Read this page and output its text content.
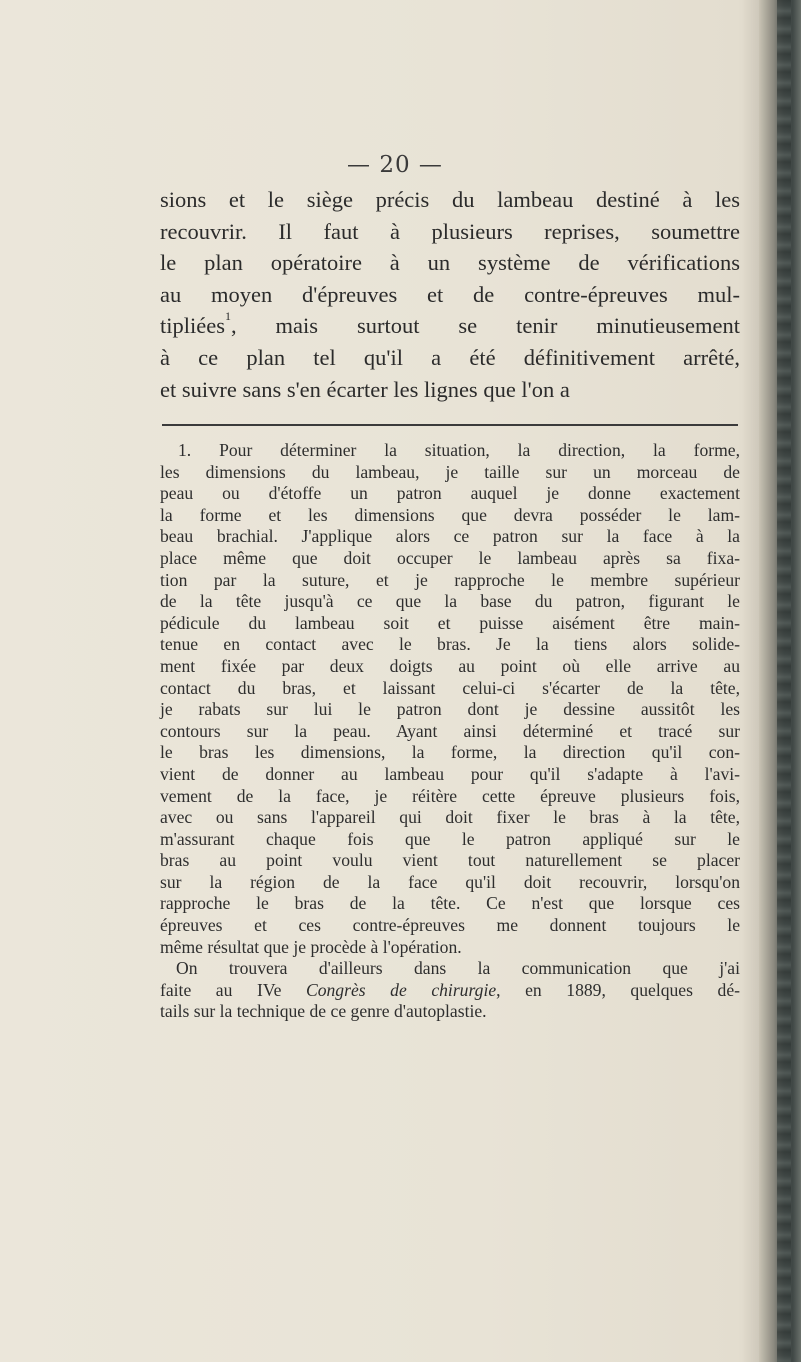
— 20 —
sions et le siège précis du lambeau destiné à les
recouvrir. Il faut à plusieurs reprises, soumettre
le plan opératoire à un système de vérifications
au moyen d'épreuves et de contre-épreuves mul-
tipliées$^1$, mais surtout se tenir minutieusement
à ce plan tel qu'il a été définitivement arrêté,
et suivre sans s'en écarter les lignes que l'on a
1. Pour déterminer la situation, la direction, la forme,
les dimensions du lambeau, je taille sur un morceau de
peau ou d'étoffe un patron auquel je donne exactement
la forme et les dimensions que devra posséder le lam-
beau brachial. J'applique alors ce patron sur la face à la
place même que doit occuper le lambeau après sa fixa-
tion par la suture, et je rapproche le membre supérieur
de la tête jusqu'à ce que la base du patron, figurant le
pédicule du lambeau soit et puisse aisément être main-
tenue en contact avec le bras. Je la tiens alors solide-
ment fixée par deux doigts au point où elle arrive au
contact du bras, et laissant celui-ci s'écarter de la tête,
je rabats sur lui le patron dont je dessine aussitôt les
contours sur la peau. Ayant ainsi déterminé et tracé sur
le bras les dimensions, la forme, la direction qu'il con-
vient de donner au lambeau pour qu'il s'adapte à l'avi-
vement de la face, je réitère cette épreuve plusieurs fois,
avec ou sans l'appareil qui doit fixer le bras à la tête,
m'assurant chaque fois que le patron appliqué sur le
bras au point voulu vient tout naturellement se placer
sur la région de la face qu'il doit recouvrir, lorsqu'on
rapproche le bras de la tête. Ce n'est que lorsque ces
épreuves et ces contre-épreuves me donnent toujours le
même résultat que je procède à l'opération.
On trouvera d'ailleurs dans la communication que j'ai
faite au IVe Congrès de chirurgie, en 1889, quelques dé-
tails sur la technique de ce genre d'autoplastie.
